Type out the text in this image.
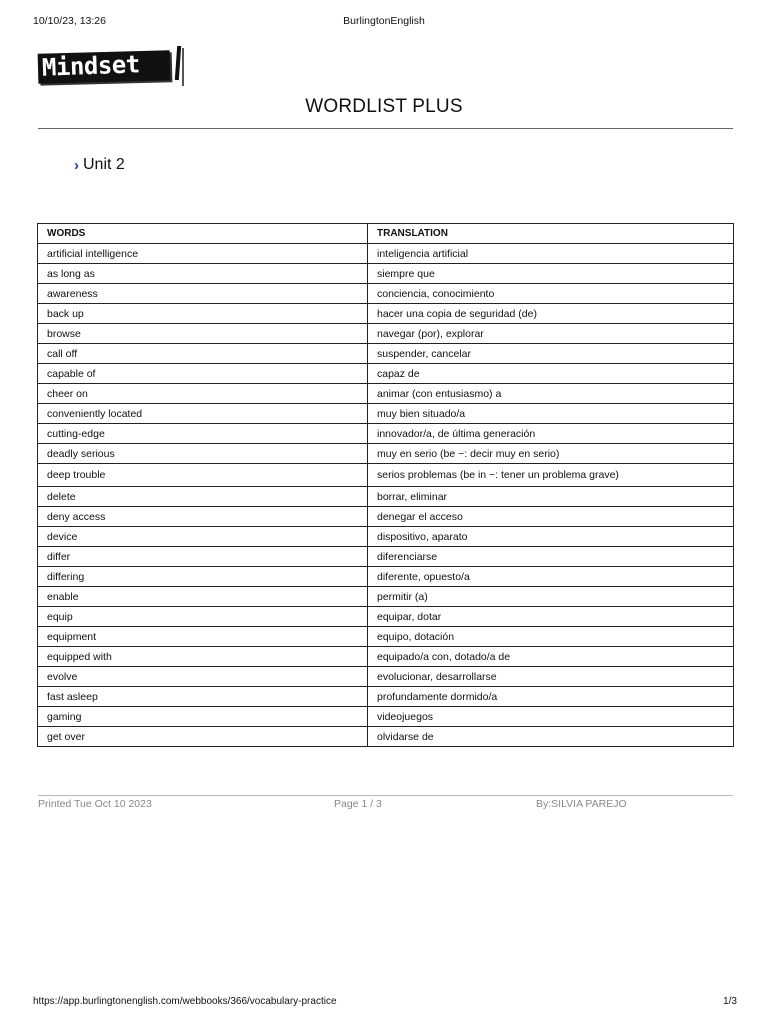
10/10/23, 13:26	BurlingtonEnglish
Mindset
WORDLIST PLUS
› Unit 2
WORDS	TRANSLATION
artificial intelligence	inteligencia artificial
as long as	siempre que
awareness	conciencia, conocimiento
back up	hacer una copia de seguridad (de)
browse	navegar (por), explorar
call off	suspender, cancelar
capable of	capaz de
cheer on	animar (con entusiasmo) a
conveniently located	muy bien situado/a
cutting-edge	innovador/a, de última generación
deadly serious	muy en serio (be ~: decir muy en serio)
deep trouble	serios problemas (be in ~: tener un problema grave)
delete	borrar, eliminar
deny access	denegar el acceso
device	dispositivo, aparato
differ	diferenciarse
differing	diferente, opuesto/a
enable	permitir (a)
equip	equipar, dotar
equipment	equipo, dotación
equipped with	equipado/a con, dotado/a de
evolve	evolucionar, desarrollarse
fast asleep	profundamente dormido/a
gaming	videojuegos
get over	olvidarse de
Printed Tue Oct 10 2023	Page 1 / 3	By:SILVIA PAREJO
https://app.burlingtonenglish.com/webbooks/366/vocabulary-practice	1/3
